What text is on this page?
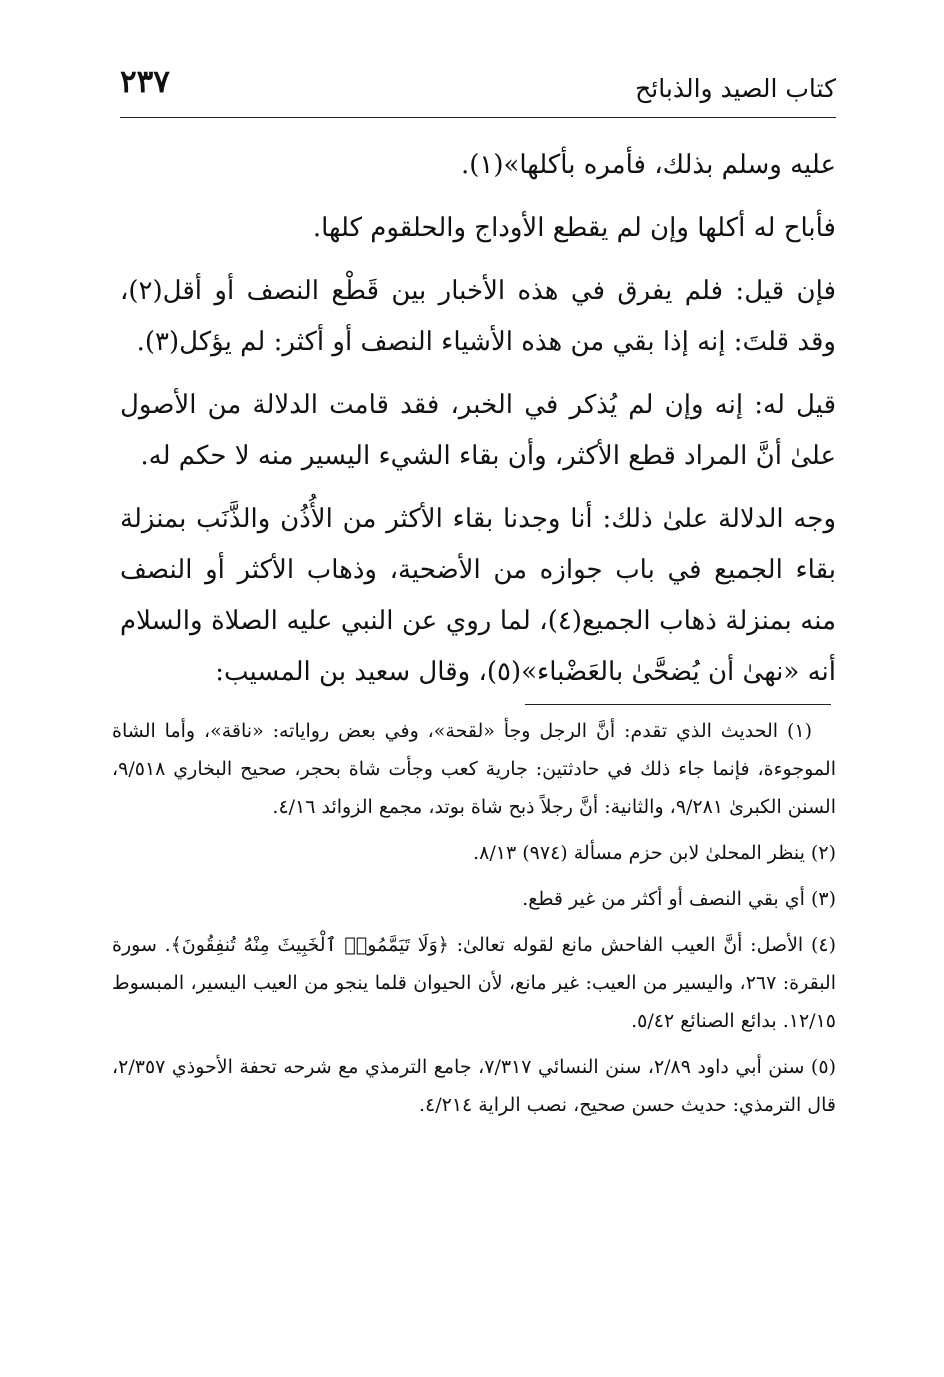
كتاب الصيد والذبائح
٢٣٧

عليه وسلم بذلك، فأمره بأكلها»(١).

فأباح له أكلها وإن لم يقطع الأوداج والحلقوم كلها.

فإن قيل: فلم يفرق في هذه الأخبار بين قَطْع النصف أو أقل(٢)، وقد قلتَ: إنه إذا بقي من هذه الأشياء النصف أو أكثر: لم يؤكل(٣).

قيل له: إنه وإن لم يُذكر في الخبر، فقد قامت الدلالة من الأصول علىٰ أنَّ المراد قطع الأكثر، وأن بقاء الشيء اليسير منه لا حكم له.

وجه الدلالة علىٰ ذلك: أنا وجدنا بقاء الأكثر من الأُذُن والذَّنَب بمنزلة بقاء الجميع في باب جوازه من الأضحية، وذهاب الأكثر أو النصف منه بمنزلة ذهاب الجميع(٤)، لما روي عن النبي عليه الصلاة والسلام أنه «نهىٰ أن يُضحَّىٰ بالعَضْباء»(٥)، وقال سعيد بن المسيب:

(١) الحديث الذي تقدم: أنَّ الرجل وجأ «لقحة»، وفي بعض رواياته: «ناقة»، وأما الشاة الموجوءة، فإنما جاء ذلك في حادثتين: جارية كعب وجأت شاة بحجر، صحيح البخاري ٩/٥١٨، السنن الكبرىٰ ٩/٢٨١، والثانية: أنَّ رجلاً ذبح شاة بوتد، مجمع الزوائد ٤/١٦.

(٢) ينظر المحلىٰ لابن حزم مسألة (٩٧٤) ٨/١٣.

(٣) أي بقي النصف أو أكثر من غير قطع.

(٤) الأصل: أنَّ العيب الفاحش مانع لقوله تعالىٰ: ﴿وَلَا تَيَمَّمُوا۟ ٱلْخَبِيثَ مِنْهُ تُنفِقُونَ﴾. سورة البقرة: ٢٦٧، واليسير من العيب: غير مانع، لأن الحيوان قلما ينجو من العيب اليسير، المبسوط ١٢/١٥. بدائع الصنائع ٥/٤٢.

(٥) سنن أبي داود ٢/٨٩، سنن النسائي ٧/٣١٧، جامع الترمذي مع شرحه تحفة الأحوذي ٢/٣٥٧، قال الترمذي: حديث حسن صحيح، نصب الراية ٤/٢١٤.
